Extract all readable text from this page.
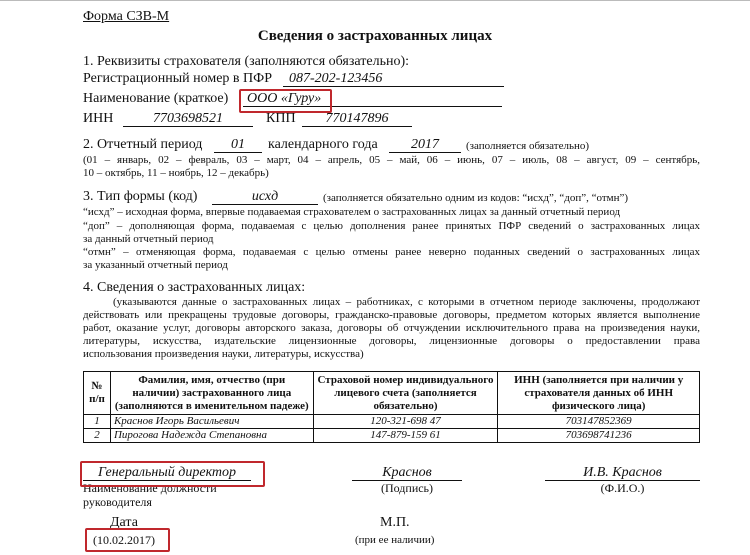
Форма СЗВ-М
Сведения о застрахованных лицах
1. Реквизиты страхователя (заполняются обязательно):
Регистрационный номер в ПФР	087-202-123456
Наименование (краткое) ООО «Гуру»
ИНН	7703698521	КПП	770147896
2. Отчетный период	01	календарного года	2017	(заполняется обязательно)
(01 – январь, 02 – февраль, 03 – март, 04 – апрель, 05 – май, 06 – июнь, 07 – июль, 08 – август, 09 – сентябрь,
10 – октябрь, 11 – ноябрь, 12 – декабрь)
3. Тип формы (код)	исхд	(заполняется обязательно одним из кодов: “исхд”, “доп”, “отмн”)
“исхд” – исходная форма, впервые подаваемая страхователем о застрахованных лицах за данный отчетный период
“доп” – дополняющая форма, подаваемая с целью дополнения ранее принятых ПФР сведений о застрахованных лицах
за данный отчетный период
“отмн” – отменяющая форма, подаваемая с целью отмены ранее неверно поданных сведений о застрахованных лицах
за указанный отчетный период
4. Сведения о застрахованных лицах:
(указываются данные о застрахованных лицах – работниках, с которыми в отчетном периоде заключены, продолжают
действовать или прекращены трудовые договоры, гражданско-правовые договоры, предметом которых является выполнение
работ, оказание услуг, договоры авторского заказа, договоры об отчуждении исключительного права на произведения науки,
литературы, искусства, издательские лицензионные договоры, лицензионные договоры о предоставлении права
использования произведения науки, литературы, искусства)
№ п/п	Фамилия, имя, отчество (при наличии) застрахованного лица (заполняются в именительном падеже)	Страховой номер индивидуального лицевого счета (заполняется обязательно)	ИНН (заполняется при наличии у страхователя данных об ИНН физического лица)
1	Краснов Игорь Васильевич	120-321-698 47	703147852369
2	Пирогова Надежда Степановна	147-879-159 61	703698741236
Генеральный директор
Наименование должности
руководителя
Краснов
(Подпись)
И.В. Краснов
(Ф.И.О.)
Дата
(10.02.2017)
М.П.
(при ее наличии)
